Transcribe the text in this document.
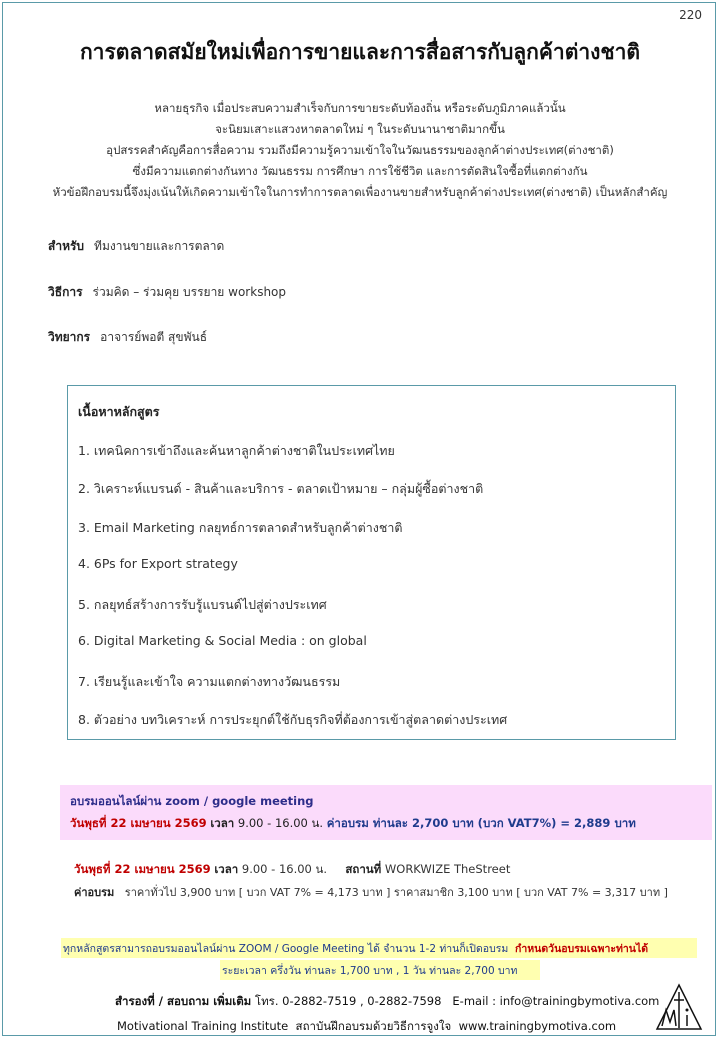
220
การตลาดสมัยใหม่เพื่อการขายและการสื่อสารกับลูกค้าต่างชาติ
หลายธุรกิจ เมื่อประสบความสำเร็จกับการขายระดับท้องถิ่น หรือระดับภูมิภาคแล้วนั้น
จะนิยมเสาะแสวงหาตลาดใหม่ ๆ ในระดับนานาชาติมากขึ้น
อุปสรรคสำคัญคือการสื่อความ รวมถึงมีความรู้ความเข้าใจในวัฒนธรรมของลูกค้าต่างประเทศ(ต่างชาติ)
ซึ่งมีความแตกต่างกันทาง วัฒนธรรม การศึกษา การใช้ชีวิต และการตัดสินใจซื้อที่แตกต่างกัน
หัวข้อฝึกอบรมนี้จึงมุ่งเน้นให้เกิดความเข้าใจในการทำการตลาดเพื่องานขายสำหรับลูกค้าต่างประเทศ(ต่างชาติ) เป็นหลักสำคัญ
สำหรับ ทีมงานขายและการตลาด
วิธีการ ร่วมคิด – ร่วมคุย บรรยาย workshop
วิทยากร อาจารย์พอตี สุขพันธ์
เนื้อหาหลักสูตร
1. เทคนิคการเข้าถึงและค้นหาลูกค้าต่างชาติในประเทศไทย
2. วิเคราะห์แบรนด์ - สินค้าและบริการ - ตลาดเป้าหมาย – กลุ่มผู้ซื้อต่างชาติ
3. Email Marketing กลยุทธ์การตลาดสำหรับลูกค้าต่างชาติ
4. 6Ps for Export strategy
5. กลยุทธ์สร้างการรับรู้แบรนด์ไปสู่ต่างประเทศ
6. Digital Marketing & Social Media : on global
7. เรียนรู้และเข้าใจ ความแตกต่างทางวัฒนธรรม
8. ตัวอย่าง บทวิเคราะห์ การประยุกต์ใช้กับธุรกิจที่ต้องการเข้าสู่ตลาดต่างประเทศ
อบรมออนไลน์ผ่าน zoom / google meeting
วันพุธที่ 22 เมษายน 2569 เวลา 9.00 - 16.00 น. ค่าอบรม ท่านละ 2,700 บาท (บวก VAT7%) = 2,889 บาท
วันพุธที่ 22 เมษายน 2569 เวลา 9.00 - 16.00 น. สถานที่ WORKWIZE TheStreet
ค่าอบรม ราคาทั่วไป 3,900 บาท [ บวก VAT 7% = 4,173 บาท ] ราคาสมาชิก 3,100 บาท [ บวก VAT 7% = 3,317 บาท ]
ทุกหลักสูตรสามารถอบรมออนไลน์ผ่าน ZOOM / Google Meeting ได้ จำนวน 1-2 ท่านก็เปิดอบรม กำหนดวันอบรมเฉพาะท่านได้
ระยะเวลา ครึ่งวัน ท่านละ 1,700 บาท , 1 วัน ท่านละ 2,700 บาท
สำรองที่ / สอบถาม เพิ่มเติม โทร. 0-2882-7519 , 0-2882-7598 E-mail : info@trainingbymotiva.com
Motivational Training Institute สถาบันฝึกอบรมด้วยวิธีการจูงใจ www.trainingbymotiva.com
